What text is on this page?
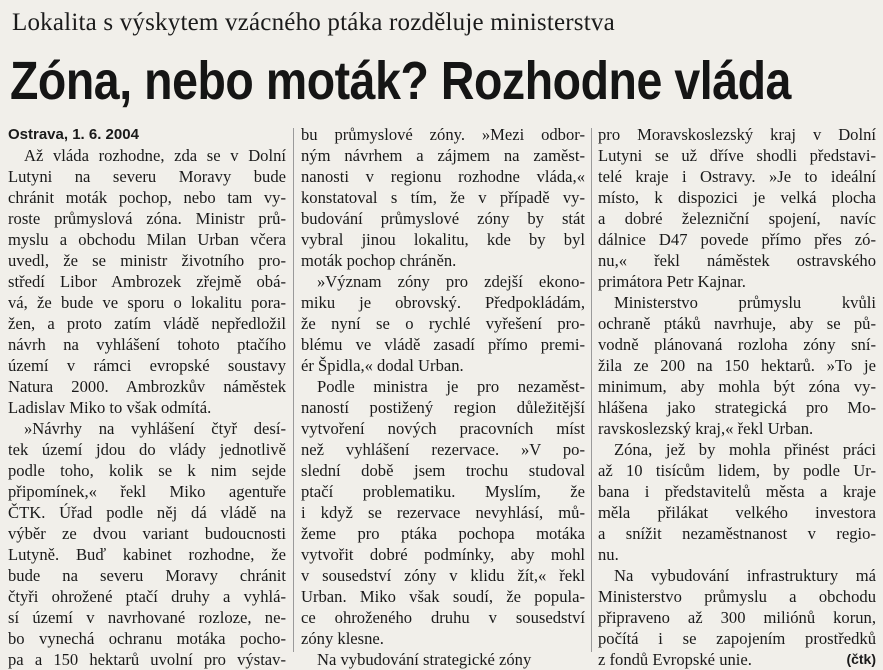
Lokalita s výskytem vzácného ptáka rozděluje ministerstva
Zóna, nebo moták? Rozhodne vláda
Ostrava, 1. 6. 2004
Až vláda rozhodne, zda se v Dolní
Lutyni na severu Moravy bude
chránit moták pochop, nebo tam vy-
roste průmyslová zóna. Ministr prů-
myslu a obchodu Milan Urban včera
uvedl, že se ministr životního pro-
středí Libor Ambrozek zřejmě obá-
vá, že bude ve sporu o lokalitu pora-
žen, a proto zatím vládě nepředložil
návrh na vyhlášení tohoto ptačího
území v rámci evropské soustavy
Natura 2000. Ambrozkův náměstek
Ladislav Miko to však odmítá.
»Návrhy na vyhlášení čtyř desí-
tek území jdou do vlády jednotlivě
podle toho, kolik se k nim sejde
připomínek,« řekl Miko agentuře
ČTK. Úřad podle něj dá vládě na
výběr ze dvou variant budoucnosti
Lutyně. Buď kabinet rozhodne, že
bude na severu Moravy chránit
čtyři ohrožené ptačí druhy a vyhlá-
sí území v navrhované rozloze, ne-
bo vynechá ochranu motáka pocho-
pa a 150 hektarů uvolní pro výstav-
bu průmyslové zóny. »Mezi odbor-
ným návrhem a zájmem na zaměst-
nanosti v regionu rozhodne vláda,«
konstatoval s tím, že v případě vy-
budování průmyslové zóny by stát
vybral jinou lokalitu, kde by byl
moták pochop chráněn.
»Význam zóny pro zdejší ekono-
miku je obrovský. Předpokládám,
že nyní se o rychlé vyřešení pro-
blému ve vládě zasadí přímo premi-
ér Špidla,« dodal Urban.
Podle ministra je pro nezaměst-
naností postižený region důležitější
vytvoření nových pracovních míst
než vyhlášení rezervace. »V po-
slední době jsem trochu studoval
ptačí problematiku. Myslím, že
i když se rezervace nevyhlásí, mů-
žeme pro ptáka pochopa motáka
vytvořit dobré podmínky, aby mohl
v sousedství zóny v klidu žít,« řekl
Urban. Miko však soudí, že popula-
ce ohroženého druhu v sousedství
zóny klesne.
Na vybudování strategické zóny
pro Moravskoslezský kraj v Dolní
Lutyni se už dříve shodli představi-
telé kraje i Ostravy. »Je to ideální
místo, k dispozici je velká plocha
a dobré železniční spojení, navíc
dálnice D47 povede přímo přes zó-
nu,« řekl náměstek ostravského
primátora Petr Kajnar.
Ministerstvo průmyslu kvůli
ochraně ptáků navrhuje, aby se pů-
vodně plánovaná rozloha zóny sní-
žila ze 200 na 150 hektarů. »To je
minimum, aby mohla být zóna vy-
hlášena jako strategická pro Mo-
ravskoslezský kraj,« řekl Urban.
Zóna, jež by mohla přinést práci
až 10 tisícům lidem, by podle Ur-
bana i představitelů města a kraje
měla přilákat velkého investora
a snížit nezaměstnanost v regio-
nu.
Na vybudování infrastruktury má
Ministerstvo průmyslu a obchodu
připraveno až 300 miliónů korun,
počítá i se zapojením prostředků
z fondů Evropské unie.	(čtk)
